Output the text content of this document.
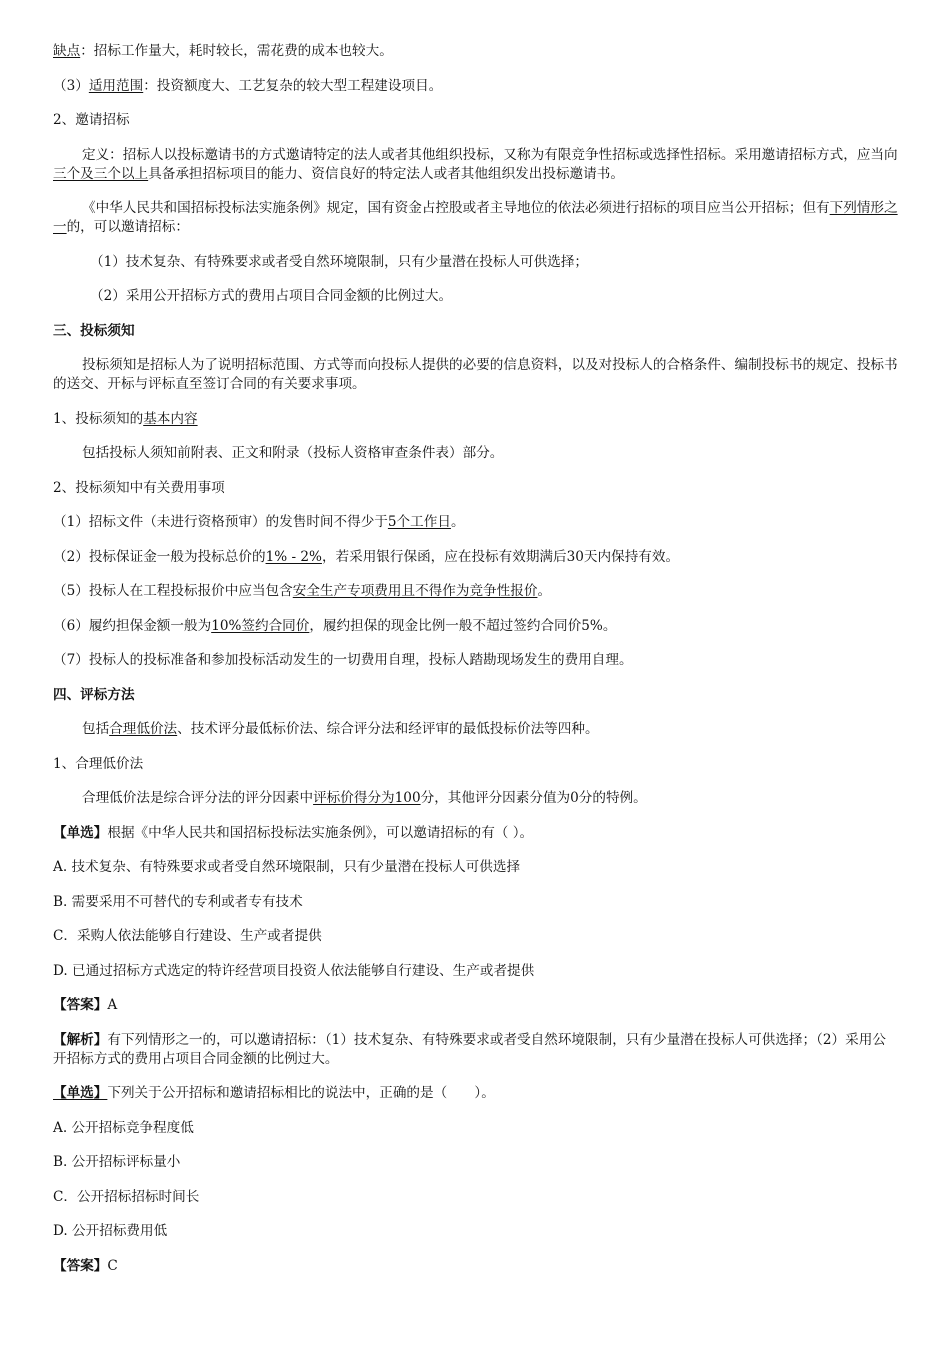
缺点：招标工作量大，耗时较长，需花费的成本也较大。

（3）适用范围：投资额度大、工艺复杂的较大型工程建设项目。

2、邀请招标

定义：招标人以投标邀请书的方式邀请特定的法人或者其他组织投标，又称为有限竞争性招标或选择性招标。采用邀请招标方式，应当向三个及三个以上具备承担招标项目的能力、资信良好的特定法人或者其他组织发出投标邀请书。

《中华人民共和国招标投标法实施条例》规定，国有资金占控股或者主导地位的依法必须进行招标的项目应当公开招标；但有下列情形之一的，可以邀请招标：

（1）技术复杂、有特殊要求或者受自然环境限制，只有少量潜在投标人可供选择；

（2）采用公开招标方式的费用占项目合同金额的比例过大。

三、投标须知

投标须知是招标人为了说明招标范围、方式等而向投标人提供的必要的信息资料，以及对投标人的合格条件、编制投标书的规定、投标书的送交、开标与评标直至签订合同的有关要求事项。

1、投标须知的基本内容

包括投标人须知前附表、正文和附录（投标人资格审查条件表）部分。

2、投标须知中有关费用事项

（1）招标文件（未进行资格预审）的发售时间不得少于5个工作日。

（2）投标保证金一般为投标总价的1% - 2%，若采用银行保函，应在投标有效期满后30天内保持有效。

（5）投标人在工程投标报价中应当包含安全生产专项费用且不得作为竞争性报价。

（6）履约担保金额一般为10%签约合同价，履约担保的现金比例一般不超过签约合同价5%。

（7）投标人的投标准备和参加投标活动发生的一切费用自理，投标人踏勘现场发生的费用自理。

四、评标方法

包括合理低价法、技术评分最低标价法、综合评分法和经评审的最低投标价法等四种。

1、合理低价法

合理低价法是综合评分法的评分因素中评标价得分为100分，其他评分因素分值为0分的特例。

【单选】根据《中华人民共和国招标投标法实施条例》，可以邀请招标的有（ ）。

A. 技术复杂、有特殊要求或者受自然环境限制，只有少量潜在投标人可供选择

B. 需要采用不可替代的专利或者专有技术

C．采购人依法能够自行建设、生产或者提供

D. 已通过招标方式选定的特许经营项目投资人依法能够自行建设、生产或者提供

【答案】A

【解析】有下列情形之一的，可以邀请招标：（1）技术复杂、有特殊要求或者受自然环境限制，只有少量潜在投标人可供选择；（2）采用公开招标方式的费用占项目合同金额的比例过大。

【单选】下列关于公开招标和邀请招标相比的说法中，正确的是（　　）。

A. 公开招标竞争程度低

B. 公开招标评标量小

C．公开招标招标时间长

D. 公开招标费用低

【答案】C
